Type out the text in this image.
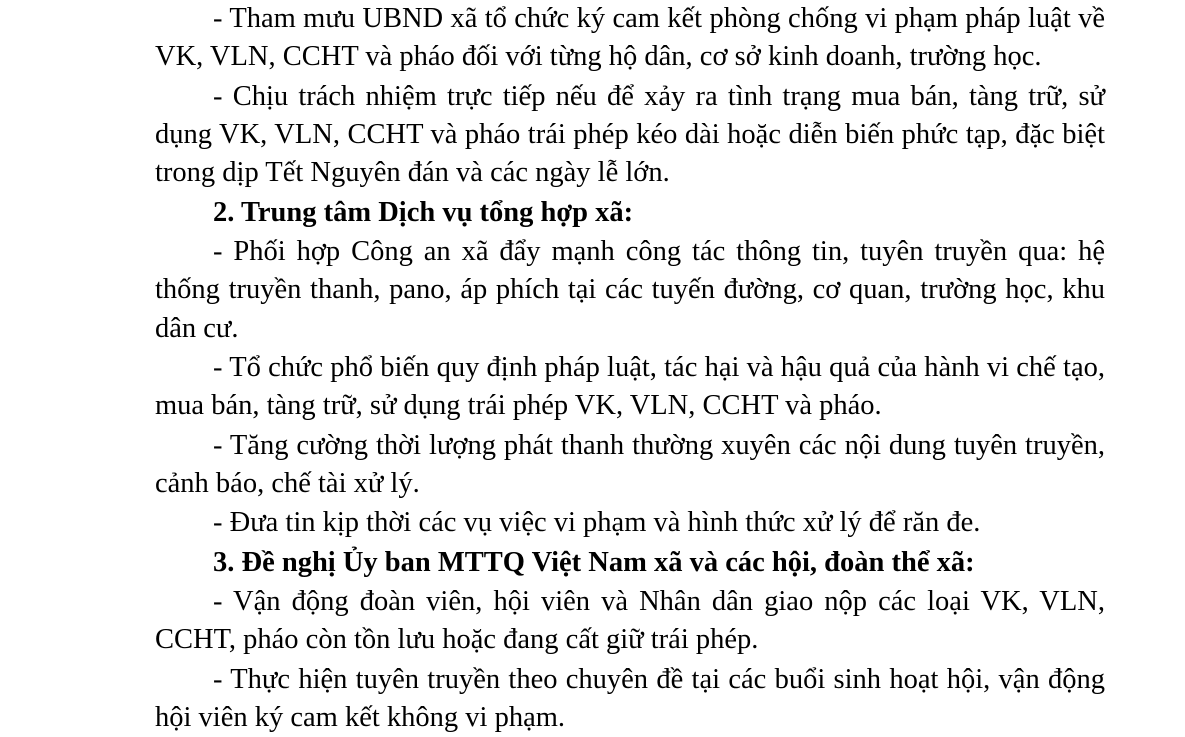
- Tham mưu UBND xã tổ chức ký cam kết phòng chống vi phạm pháp luật về VK, VLN, CCHT và pháo đối với từng hộ dân, cơ sở kinh doanh, trường học.

- Chịu trách nhiệm trực tiếp nếu để xảy ra tình trạng mua bán, tàng trữ, sử dụng VK, VLN, CCHT và pháo trái phép kéo dài hoặc diễn biến phức tạp, đặc biệt trong dịp Tết Nguyên đán và các ngày lễ lớn.

2. Trung tâm Dịch vụ tổng hợp xã:

- Phối hợp Công an xã đẩy mạnh công tác thông tin, tuyên truyền qua: hệ thống truyền thanh, pano, áp phích tại các tuyến đường, cơ quan, trường học, khu dân cư.

- Tổ chức phổ biến quy định pháp luật, tác hại và hậu quả của hành vi chế tạo, mua bán, tàng trữ, sử dụng trái phép VK, VLN, CCHT và pháo.

- Tăng cường thời lượng phát thanh thường xuyên các nội dung tuyên truyền, cảnh báo, chế tài xử lý.

- Đưa tin kịp thời các vụ việc vi phạm và hình thức xử lý để răn đe.

3. Đề nghị Ủy ban MTTQ Việt Nam xã và các hội, đoàn thể xã:

- Vận động đoàn viên, hội viên và Nhân dân giao nộp các loại VK, VLN, CCHT, pháo còn tồn lưu hoặc đang cất giữ trái phép.

- Thực hiện tuyên truyền theo chuyên đề tại các buổi sinh hoạt hội, vận động hội viên ký cam kết không vi phạm.
